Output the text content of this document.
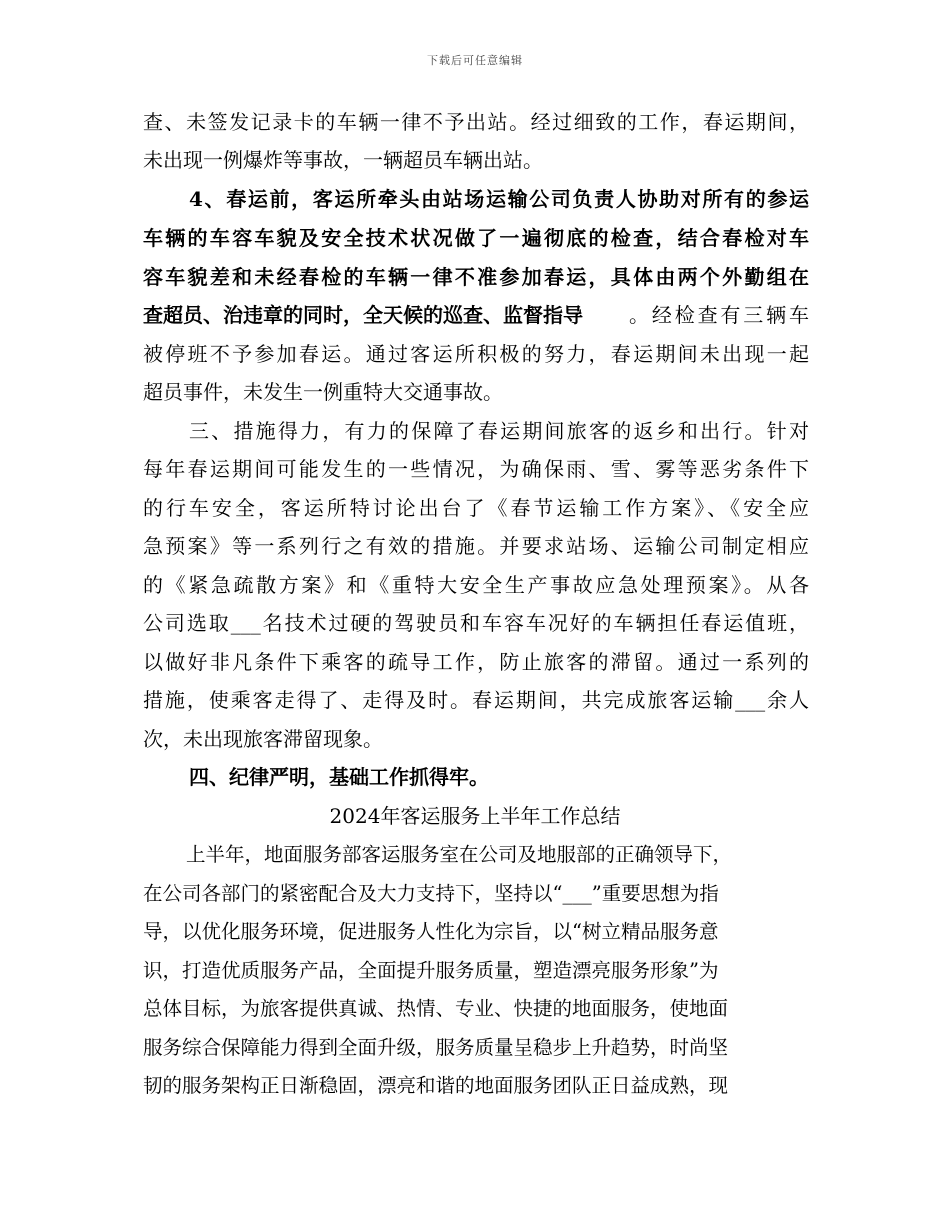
下载后可任意编辑
查、未签发记录卡的车辆一律不予出站。经过细致的工作，春运期间，
未出现一例爆炸等事故，一辆超员车辆出站。
4、春运前，客运所牵头由站场运输公司负责人协助对所有的参运
车辆的车容车貌及安全技术状况做了一遍彻底的检查，结合春检对车
容车貌差和未经春检的车辆一律不准参加春运，具体由两个外勤组在
查超员、治违章的同时，全天候的巡查、监督指导 。经检查有三辆车
被停班不予参加春运。通过客运所积极的努力，春运期间未出现一起
超员事件，未发生一例重特大交通事故。
三、措施得力，有力的保障了春运期间旅客的返乡和出行。针对
每年春运期间可能发生的一些情况，为确保雨、雪、雾等恶劣条件下
的行车安全，客运所特讨论出台了《春节运输工作方案》、《安全应
急预案》等一系列行之有效的措施。并要求站场、运输公司制定相应
的《紧急疏散方案》和《重特大安全生产事故应急处理预案》。从各
公司选取___名技术过硬的驾驶员和车容车况好的车辆担任春运值班，
以做好非凡条件下乘客的疏导工作，防止旅客的滞留。通过一系列的
措施，使乘客走得了、走得及时。春运期间，共完成旅客运输___余人
次，未出现旅客滞留现象。
四、纪律严明，基础工作抓得牢。
2024年客运服务上半年工作总结
上半年，地面服务部客运服务室在公司及地服部的正确领导下，
在公司各部门的紧密配合及大力支持下，坚持以“___”重要思想为指
导，以优化服务环境，促进服务人性化为宗旨，以“树立精品服务意
识，打造优质服务产品，全面提升服务质量，塑造漂亮服务形象”为
总体目标，为旅客提供真诚、热情、专业、快捷的地面服务，使地面
服务综合保障能力得到全面升级，服务质量呈稳步上升趋势，时尚坚
韧的服务架构正日渐稳固，漂亮和谐的地面服务团队正日益成熟，现
